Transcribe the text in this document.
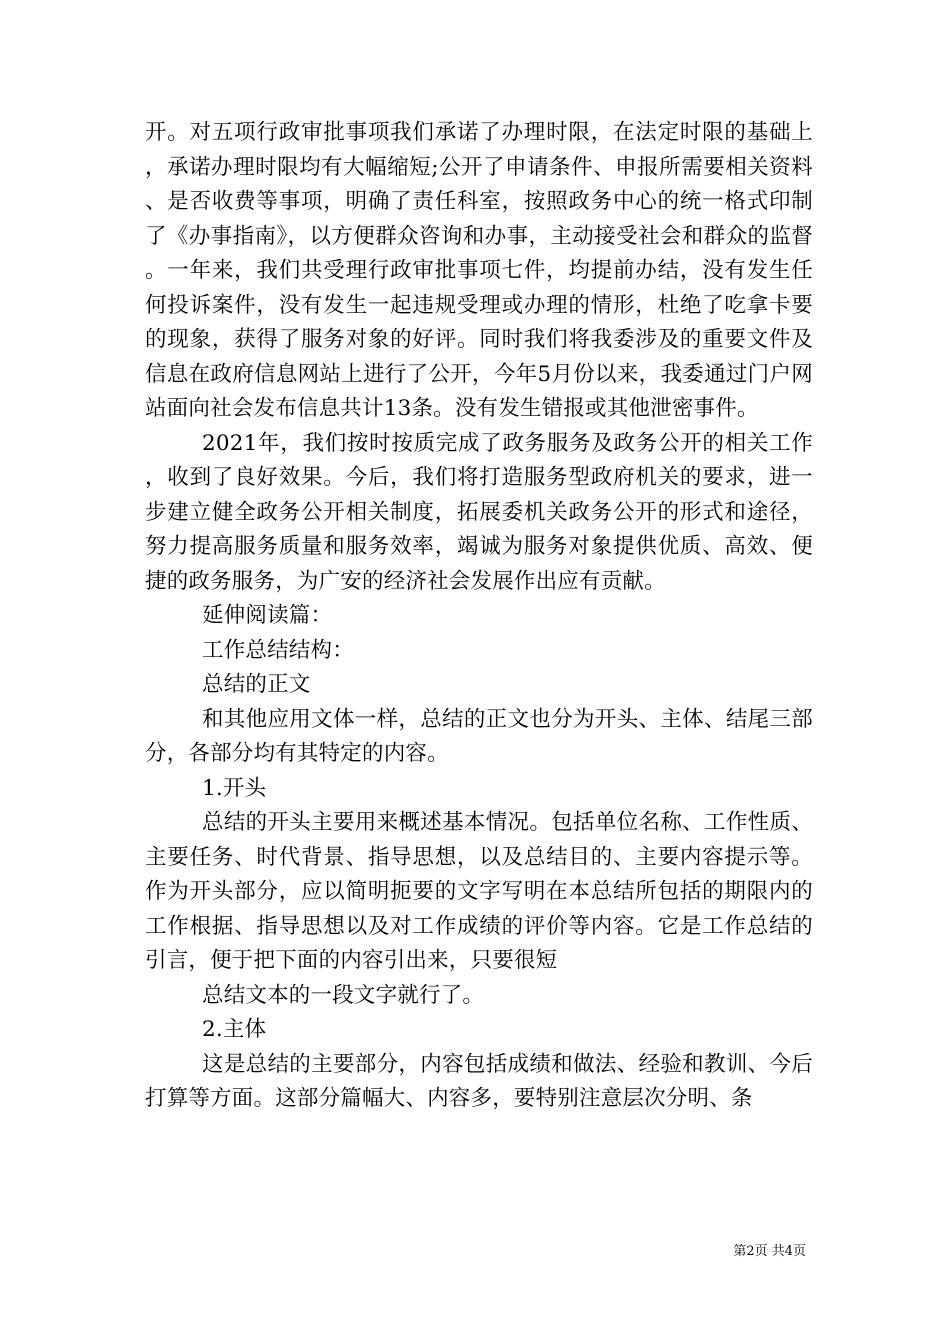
开。对五项行政审批事项我们承诺了办理时限，在法定时限的基础上，承诺办理时限均有大幅缩短;公开了申请条件、申报所需要相关资料、是否收费等事项，明确了责任科室，按照政务中心的统一格式印制了《办事指南》，以方便群众咨询和办事，主动接受社会和群众的监督。一年来，我们共受理行政审批事项七件，均提前办结，没有发生任何投诉案件，没有发生一起违规受理或办理的情形，杜绝了吃拿卡要的现象，获得了服务对象的好评。同时我们将我委涉及的重要文件及信息在政府信息网站上进行了公开，今年5月份以来，我委通过门户网站面向社会发布信息共计13条。没有发生错报或其他泄密事件。

2021年，我们按时按质完成了政务服务及政务公开的相关工作，收到了良好效果。今后，我们将打造服务型政府机关的要求，进一步建立健全政务公开相关制度，拓展委机关政务公开的形式和途径，努力提高服务质量和服务效率，竭诚为服务对象提供优质、高效、便捷的政务服务，为广安的经济社会发展作出应有贡献。

延伸阅读篇：

工作总结结构：

总结的正文

和其他应用文体一样，总结的正文也分为开头、主体、结尾三部分，各部分均有其特定的内容。

1.开头

总结的开头主要用来概述基本情况。包括单位名称、工作性质、主要任务、时代背景、指导思想，以及总结目的、主要内容提示等。作为开头部分，应以简明扼要的文字写明在本总结所包括的期限内的工作根据、指导思想以及对工作成绩的评价等内容。它是工作总结的引言，便于把下面的内容引出来，只要很短

总结文本的一段文字就行了。

2.主体

这是总结的主要部分，内容包括成绩和做法、经验和教训、今后打算等方面。这部分篇幅大、内容多，要特别注意层次分明、条

第2页 共4页
